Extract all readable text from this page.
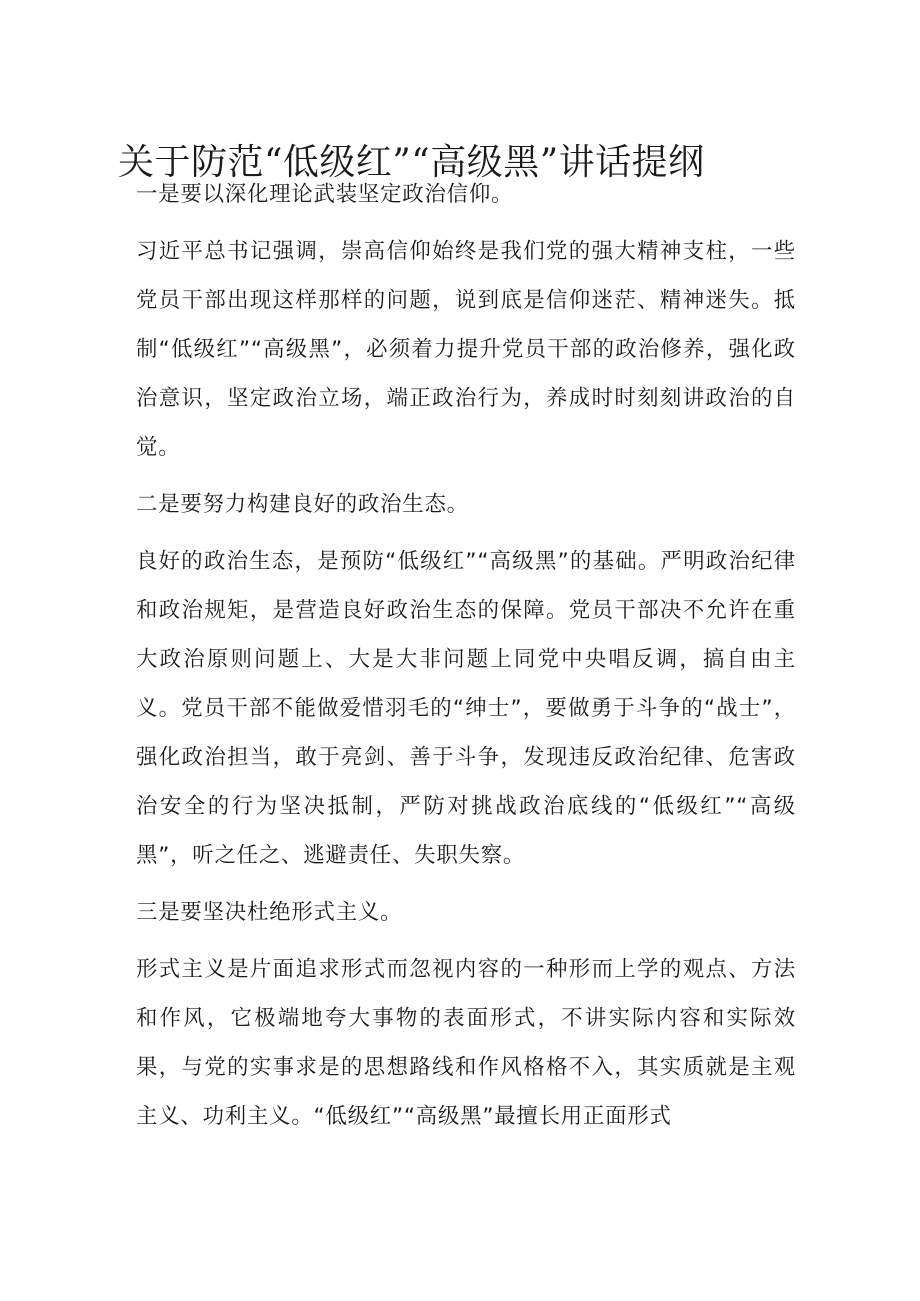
关于防范“低级红”“高级黑”讲话提纲
一是要以深化理论武装坚定政治信仰。

习近平总书记强调，崇高信仰始终是我们党的强大精神支柱，一些党员干部出现这样那样的问题，说到底是信仰迷茫、精神迷失。抵制“低级红”“高级黑”，必须着力提升党员干部的政治修养，强化政治意识，坚定政治立场，端正政治行为，养成时时刻刻讲政治的自觉。

二是要努力构建良好的政治生态。

良好的政治生态，是预防“低级红”“高级黑”的基础。严明政治纪律和政治规矩，是营造良好政治生态的保障。党员干部决不允许在重大政治原则问题上、大是大非问题上同党中央唱反调，搞自由主义。党员干部不能做爱惜羽毛的“绅士”，要做勇于斗争的“战士”，强化政治担当，敢于亮剑、善于斗争，发现违反政治纪律、危害政治安全的行为坚决抵制，严防对挑战政治底线的“低级红”“高级黑”，听之任之、逃避责任、失职失察。

三是要坚决杜绝形式主义。

形式主义是片面追求形式而忽视内容的一种形而上学的观点、方法和作风，它极端地夸大事物的表面形式，不讲实际内容和实际效果，与党的实事求是的思想路线和作风格格不入，其实质就是主观主义、功利主义。“低级红”“高级黑”最擅长用正面形式
